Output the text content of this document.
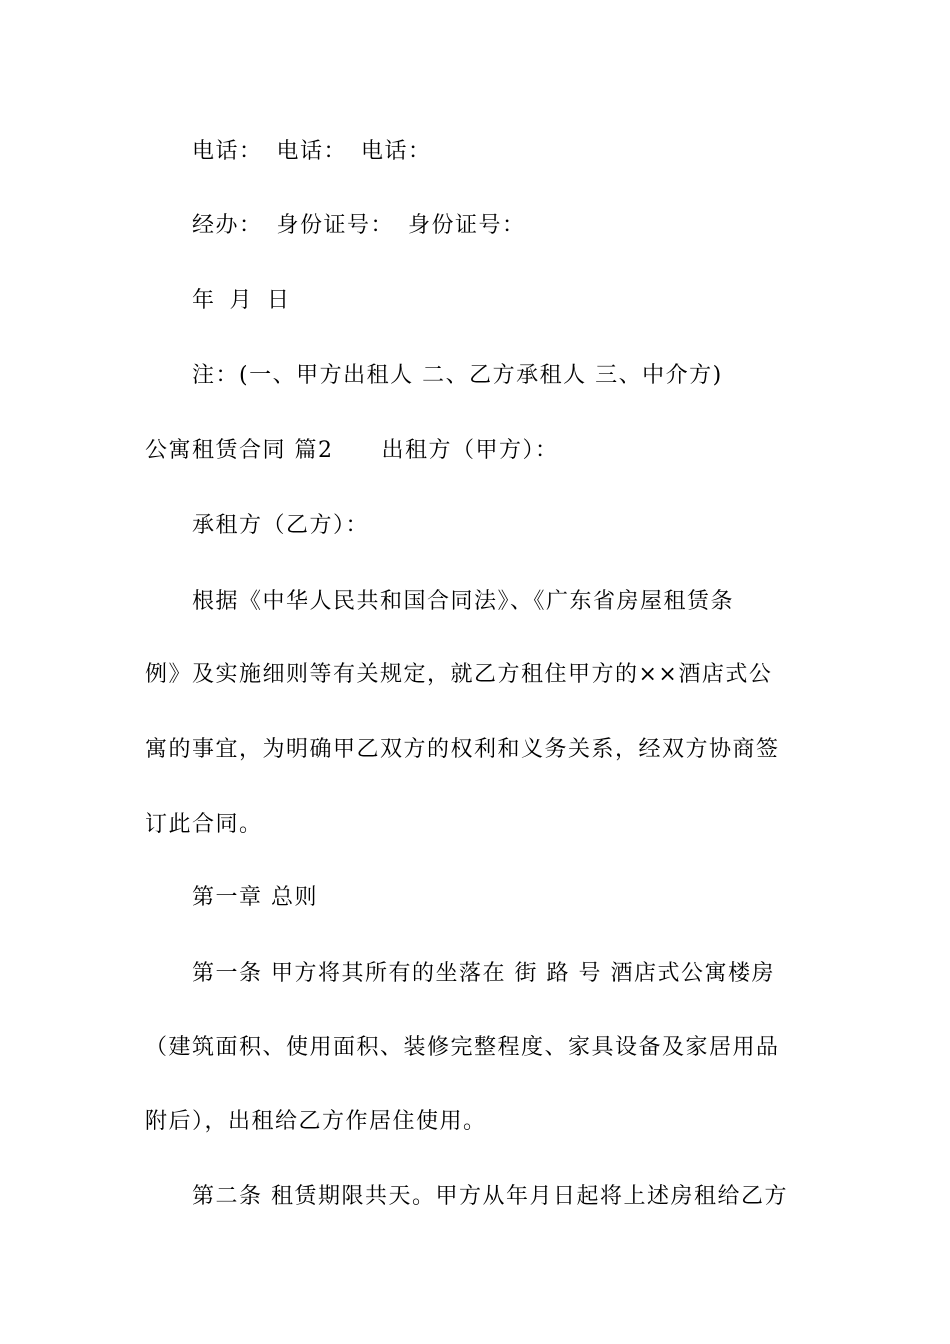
电话： 电话： 电话：
经办： 身份证号： 身份证号：
年 月 日
注：(一、甲方出租人 二、乙方承租人 三、中介方)
公寓租赁合同 篇2 出租方（甲方）：
承租方（乙方）：
根据《中华人民共和国合同法》、《广东省房屋租赁条
例》及实施细则等有关规定，就乙方租住甲方的××酒店式公
寓的事宜，为明确甲乙双方的权利和义务关系，经双方协商签
订此合同。
第一章 总则
第一条 甲方将其所有的坐落在 街 路 号 酒店式公寓楼房
（建筑面积、使用面积、装修完整程度、家具设备及家居用品
附后），出租给乙方作居住使用。
第二条 租赁期限共天。甲方从年月日起将上述房租给乙方
